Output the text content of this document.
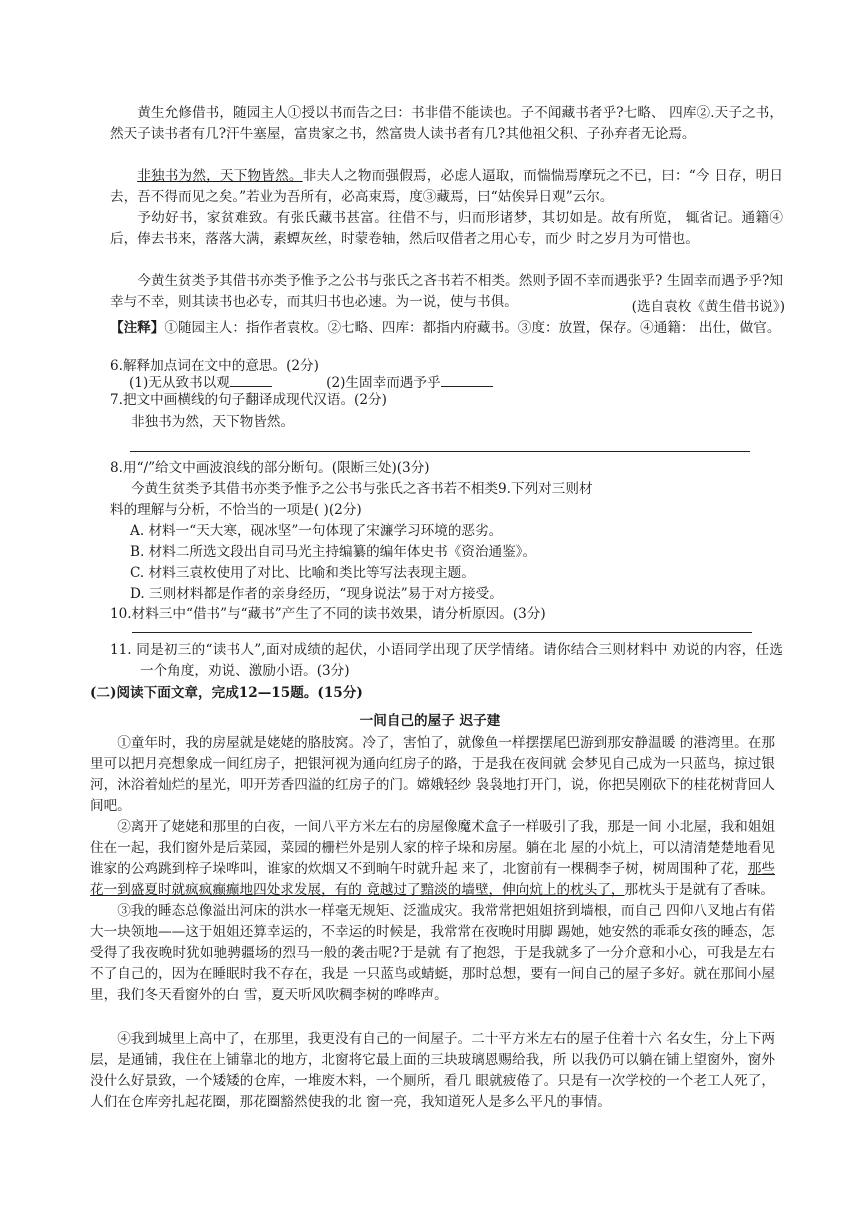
黄生允修借书，随园主人①授以书而告之曰：书非借不能读也。子不闻藏书者乎?七略、 四库②.天子之书，然天子读书者有几?汗牛塞屋，富贵家之书，然富贵人读书者有几?其他祖父积、子孙弃者无论焉。

非独书为然，天下物皆然。非夫人之物而强假焉，必虑人逼取，而惴惴焉摩玩之不已，曰：“今 日存，明日去，吾不得而见之矣。”若业为吾所有，必高束焉，度③藏焉，曰“姑俟异日观”云尔。

予幼好书，家贫难致。有张氏藏书甚富。往借不与，归而形诸梦，其切如是。故有所览， 辄省记。通籍④后，俸去书来，落落大满，素蟫灰丝，时蒙卷轴，然后叹借者之用心专，而少 时之岁月为可惜也。

今黄生贫类予其借书亦类予惟予之公书与张氏之吝书若不相类。然则予固不幸而遇张乎? 生固幸而遇予乎?知幸与不幸，则其读书也必专，而其归书也必速。为一说，使与书俱。	(选自袁枚《黄生借书说》)

【注释】①随园主人：指作者袁枚。②七略、四库：都指内府藏书。③度：放置，保存。④通籍： 出仕，做官。

6.解释加点词在文中的意思。(2分)

(1)无从致书以观	(2)生固幸而遇予乎

7.把文中画横线的句子翻译成现代汉语。(2分)

非独书为然，天下物皆然。

8.用“/”给文中画波浪线的部分断句。(限断三处)(3分)

今黄生贫类予其借书亦类予惟予之公书与张氏之吝书若不相类9.下列对三则材

料的理解与分析，不恰当的一项是( )(2分)

A. 材料一“天大寒，砚冰坚”一句体现了宋濂学习环境的恶劣。

B. 材料二所选文段出自司马光主持编纂的编年体史书《资治通鉴》。

C. 材料三袁枚使用了对比、比喻和类比等写法表现主题。

D. 三则材料都是作者的亲身经历，“现身说法”易于对方接受。

10.材料三中“借书”与“藏书”产生了不同的读书效果，请分析原因。(3分)

11. 同是初三的“读书人”,面对成绩的起伏，小语同学出现了厌学情绪。请你结合三则材料中 劝说的内容，任选一个角度，劝说、激励小语。(3分)

(二)阅读下面文章，完成12—15题。(15分)

一间自己的屋子 迟子建

①童年时，我的房屋就是姥姥的胳肢窝。冷了，害怕了，就像鱼一样摆摆尾巴游到那安静温暖 的港湾里。在那里可以把月亮想象成一间红房子，把银河视为通向红房子的路，于是我在夜间就 会梦见自己成为一只蓝鸟，掠过银河，沐浴着灿烂的星光，叩开芳香四溢的红房子的门。嫦娥轻纱 袅袅地打开门，说，你把吴刚砍下的桂花树背回人间吧。

②离开了姥姥和那里的白夜，一间八平方米左右的房屋像魔术盒子一样吸引了我，那是一间 小北屋，我和姐姐住在一起，我们窗外是后菜园，菜园的栅栏外是别人家的梓子垛和房屋。躺在北 屋的小炕上，可以清清楚楚地看见谁家的公鸡跳到梓子垛哗叫，谁家的炊烟又不到晌午时就升起 来了，北窗前有一棵稠李子树，树周围种了花，那些花一到盛夏时就疯疯癫癫地四处求发展，有的 竟越过了黯淡的墙壁，伸向炕上的枕头了，那枕头于是就有了香味。

③我的睡态总像溢出河床的洪水一样毫无规矩、泛滥成灾。我常常把姐姐挤到墙根，而自己 四仰八叉地占有偌大一块领地——这于姐姐还算幸运的，不幸运的时候是，我常常在夜晚时用脚 踢她，她安然的乖乖女孩的睡态，怎受得了我夜晚时犹如驰骋疆场的烈马一般的袭击呢?于是就 有了抱怨，于是我就多了一分介意和小心，可我是左右不了自己的，因为在睡眠时我不存在，我是 一只蓝鸟或蜻蜓，那时总想，要有一间自己的屋子多好。就在那间小屋里，我们冬天看窗外的白 雪，夏天听风吹稠李树的哗哗声。

④我到城里上高中了，在那里，我更没有自己的一间屋子。二十平方米左右的屋子住着十六 名女生，分上下两层，是通铺，我住在上铺靠北的地方，北窗将它最上面的三块玻璃恩赐给我，所 以我仍可以躺在铺上望窗外，窗外没什么好景致，一个矮矮的仓库，一堆废木料，一个厕所，看几 眼就疲倦了。只是有一次学校的一个老工人死了，人们在仓库旁扎起花圈，那花圈豁然使我的北 窗一亮，我知道死人是多么平凡的事情。
